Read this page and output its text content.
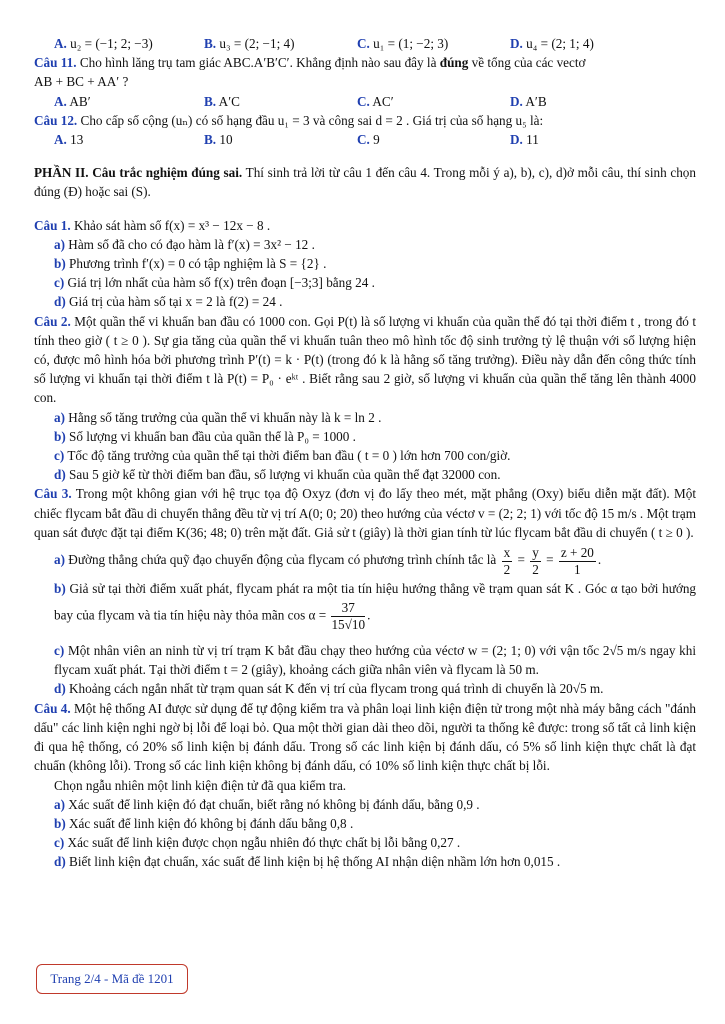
A. u₂ = (−1; 2; −3)	B. u₃ = (2; −1; 4)	C. u₁ = (1; −2; 3)	D. u₄ = (2; 1; 4)

Câu 11. Cho hình lăng trụ tam giác ABC.A′B′C′. Khẳng định nào sau đây là đúng về tổng của các vectơ

AB + BC + AA′ ?

A. AB′	B. A′C	C. AC′	D. A′B

Câu 12. Cho cấp số cộng (uₙ) có số hạng đầu u₁ = 3 và công sai d = 2 . Giá trị của số hạng u₅ là:

A. 13	B. 10	C. 9	D. 11

PHẦN II. Câu trắc nghiệm đúng sai. Thí sinh trả lời từ câu 1 đến câu 4. Trong mỗi ý a), b), c), d)ở mỗi câu, thí sinh chọn đúng (Đ) hoặc sai (S).

Câu 1. Khảo sát hàm số f(x) = x³ − 12x − 8 .

a) Hàm số đã cho có đạo hàm là f′(x) = 3x² − 12 .

b) Phương trình f′(x) = 0 có tập nghiệm là S = {2} .

c) Giá trị lớn nhất của hàm số f(x) trên đoạn [−3;3] bằng 24 .

d) Giá trị của hàm số tại x = 2 là f(2) = 24 .

Câu 2. Một quần thể vi khuẩn ban đầu có 1000 con. Gọi P(t) là số lượng vi khuẩn của quần thể đó tại thời điểm t , trong đó t tính theo giờ ( t ≥ 0 ). Sự gia tăng của quần thể vi khuẩn tuân theo mô hình tốc độ sinh trưởng tỷ lệ thuận với số lượng hiện có, được mô hình hóa bởi phương trình P′(t) = k · P(t) (trong đó k là hằng số tăng trưởng). Điều này dẫn đến công thức tính số lượng vi khuẩn tại thời điểm t là P(t) = P₀ · eᵏᵗ . Biết rằng sau 2 giờ, số lượng vi khuẩn của quần thể tăng lên thành 4000 con.

a) Hằng số tăng trưởng của quần thể vi khuẩn này là k = ln 2 .

b) Số lượng vi khuẩn ban đầu của quần thể là P₀ = 1000 .

c) Tốc độ tăng trưởng của quần thể tại thời điểm ban đầu ( t = 0 ) lớn hơn 700 con/giờ.

d) Sau 5 giờ kể từ thời điểm ban đầu, số lượng vi khuẩn của quần thể đạt 32000 con.

Câu 3. Trong một không gian với hệ trục tọa độ Oxyz (đơn vị đo lấy theo mét, mặt phẳng (Oxy) biểu diễn mặt đất). Một chiếc flycam bắt đầu di chuyển thẳng đều từ vị trí A(0; 0; 20) theo hướng của véctơ v = (2; 2; 1) với tốc độ 15 m/s . Một trạm quan sát được đặt tại điểm K(36; 48; 0) trên mặt đất. Giả sử t (giây) là thời gian tính từ lúc flycam bắt đầu di chuyển ( t ≥ 0 ).

a) Đường thẳng chứa quỹ đạo chuyển động của flycam có phương trình chính tắc là $\frac{x}{2} = \frac{y}{2} = \frac{z + 20}{1}$ .

b) Giả sử tại thời điểm xuất phát, flycam phát ra một tia tín hiệu hướng thẳng về trạm quan sát K . Góc α tạo bởi hướng bay của flycam và tia tín hiệu này thỏa mãn $\cos \alpha = \frac{37}{15√10}$ .

c) Một nhân viên an ninh từ vị trí trạm K bắt đầu chạy theo hướng của véctơ w = (2; 1; 0) với vận tốc 2√5 m/s ngay khi flycam xuất phát. Tại thời điểm t = 2 (giây), khoảng cách giữa nhân viên và flycam là 50 m.

d) Khoảng cách ngắn nhất từ trạm quan sát K đến vị trí của flycam trong quá trình di chuyển là 20√5 m.

Câu 4. Một hệ thống AI được sử dụng để tự động kiểm tra và phân loại linh kiện điện tử trong một nhà máy bằng cách "đánh dấu" các linh kiện nghi ngờ bị lỗi để loại bỏ. Qua một thời gian dài theo dõi, người ta thống kê được: trong số tất cả linh kiện đi qua hệ thống, có 20% số linh kiện bị đánh dấu. Trong số các linh kiện bị đánh dấu, có 5% số linh kiện thực chất là đạt chuẩn (không lỗi). Trong số các linh kiện không bị đánh dấu, có 10% số linh kiện thực chất bị lỗi.

Chọn ngẫu nhiên một linh kiện điện tử đã qua kiểm tra.

a) Xác suất để linh kiện đó đạt chuẩn, biết rằng nó không bị đánh dấu, bằng 0,9 .

b) Xác suất để linh kiện đó không bị đánh dấu bằng 0,8 .

c) Xác suất để linh kiện được chọn ngẫu nhiên đó thực chất bị lỗi bằng 0,27 .

d) Biết linh kiện đạt chuẩn, xác suất để linh kiện bị hệ thống AI nhận diện nhầm lớn hơn 0,015 .

Trang 2/4 - Mã đề 1201
